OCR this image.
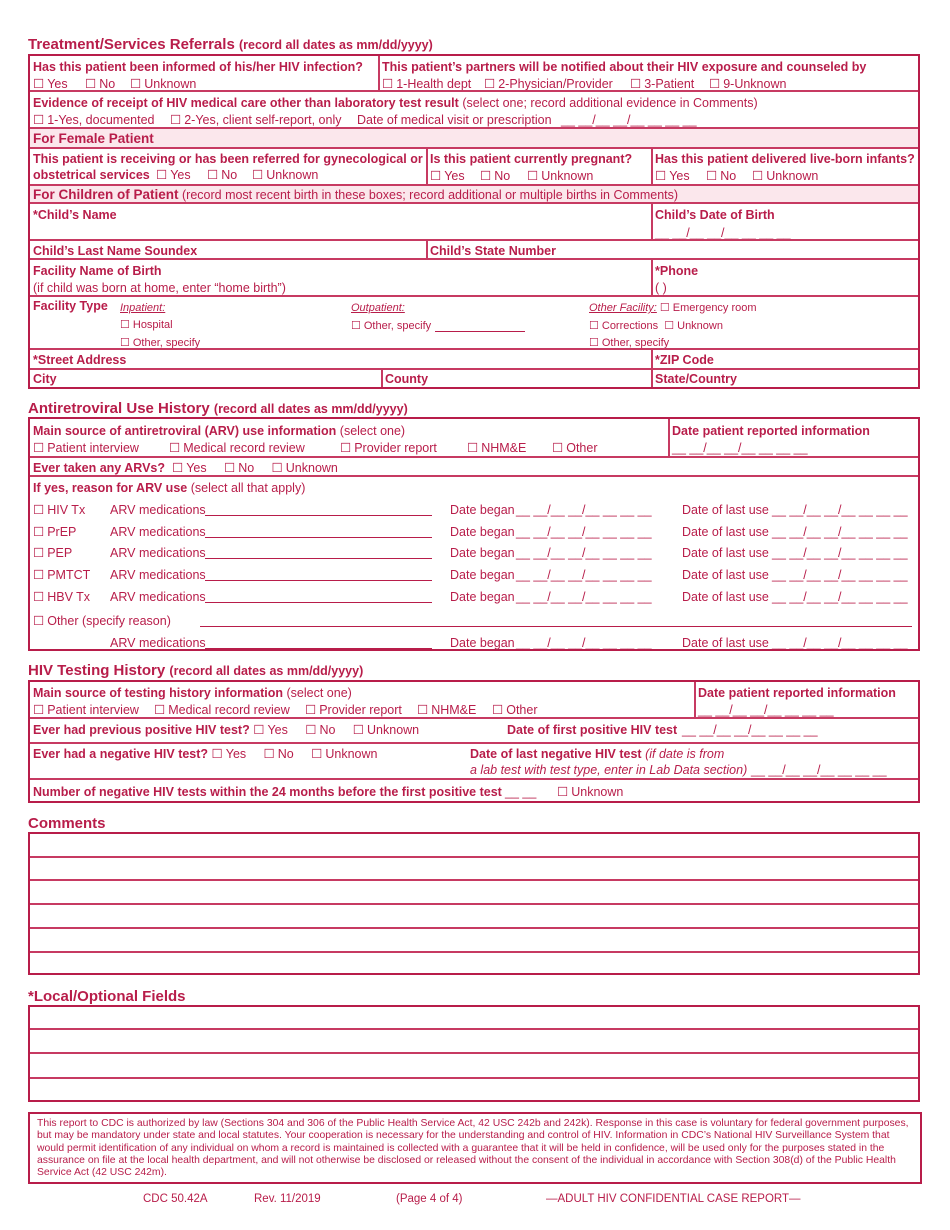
Treatment/Services Referrals (record all dates as mm/dd/yyyy)
Has this patient been informed of his/her HIV infection?
☐ Yes	☐ No	☐ Unknown
This patient’s partners will be notified about their HIV exposure and counseled by
☐ 1-Health dept	☐ 2-Physician/Provider	☐ 3-Patient	☐ 9-Unknown
Evidence of receipt of HIV medical care other than laboratory test result (select one; record additional evidence in Comments)
☐ 1-Yes, documented	☐ 2-Yes, client self-report, only Date of medical visit or prescription __ __/__ __/__ __ __ __
For Female Patient
This patient is receiving or has been referred for gynecological or
obstetrical services	☐ Yes	☐ No	☐ Unknown
Is this patient currently pregnant?
☐ Yes	☐ No	☐ Unknown
Has this patient delivered live-born infants?
☐ Yes	☐ No	☐ Unknown
For Children of Patient (record most recent birth in these boxes; record additional or multiple births in Comments)
*Child’s Name	Child’s Date of Birth
__ __/__ __/__ __ __ __
Child’s Last Name Soundex	Child’s State Number
Facility Name of Birth
(if child was born at home, enter “home birth”)
*Phone
( )
Facility Type Inpatient:
☐ Hospital
☐ Other, specify
Outpatient:
☐ Other, specify
Other Facility: ☐ Emergency room
☐ Corrections ☐ Unknown
☐ Other, specify
*Street Address	*ZIP Code
City	County	State/Country
Antiretroviral Use History (record all dates as mm/dd/yyyy)
Main source of antiretroviral (ARV) use information (select one)
☐ Patient interview	☐ Medical record review	☐ Provider report	☐ NHM&E	☐ Other
Date patient reported information
__ __/__ __/__ __ __ __
Ever taken any ARVs? ☐ Yes	☐ No	☐ Unknown
If yes, reason for ARV use (select all that apply)
☐ HIV Tx ARV medications	Date began __ __/__ __/__ __ __ __ Date of last use __ __/__ __/__ __ __ __
☐ PrEP	ARV medications	Date began __ __/__ __/__ __ __ __ Date of last use __ __/__ __/__ __ __ __
☐ PEP	ARV medications	Date began __ __/__ __/__ __ __ __ Date of last use __ __/__ __/__ __ __ __
☐ PMTCT ARV medications	Date began __ __/__ __/__ __ __ __ Date of last use __ __/__ __/__ __ __ __
☐ HBV Tx ARV medications	Date began __ __/__ __/__ __ __ __ Date of last use __ __/__ __/__ __ __ __
☐ Other (specify reason)
ARV medications	Date began __ __/__ __/__ __ __ __ Date of last use __ __/__ __/__ __ __ __
HIV Testing History (record all dates as mm/dd/yyyy)
Main source of testing history information (select one)
☐ Patient interview	☐ Medical record review	☐ Provider report	☐ NHM&E	☐ Other
Date patient reported information
__ __/__ __/__ __ __ __
Ever had previous positive HIV test? ☐ Yes	☐ No	☐ Unknown	Date of first positive HIV test __ __/__ __/__ __ __ __
Ever had a negative HIV test? ☐ Yes	☐ No	☐ Unknown	Date of last negative HIV test (if date is from
a lab test with test type, enter in Lab Data section) __ __/__ __/__ __ __ __
Number of negative HIV tests within the 24 months before the first positive test __ __	☐ Unknown
Comments
*Local/Optional Fields
This report to CDC is authorized by law (Sections 304 and 306 of the Public Health Service Act, 42 USC 242b and 242k). Response in this case is voluntary for federal government purposes, but may be mandatory under state and local statutes. Your cooperation is necessary for the understanding and control of HIV. Information in CDC’s National HIV Surveillance System that would permit identification of any individual on whom a record is maintained is collected with a guarantee that it will be held in confidence, will be used only for the purposes stated in the assurance on file at the local health department, and will not otherwise be disclosed or released without the consent of the individual in accordance with Section 308(d) of the Public Health Service Act (42 USC 242m).
CDC 50.42A	Rev. 11/2019	(Page 4 of 4)	—ADULT HIV CONFIDENTIAL CASE REPORT—
